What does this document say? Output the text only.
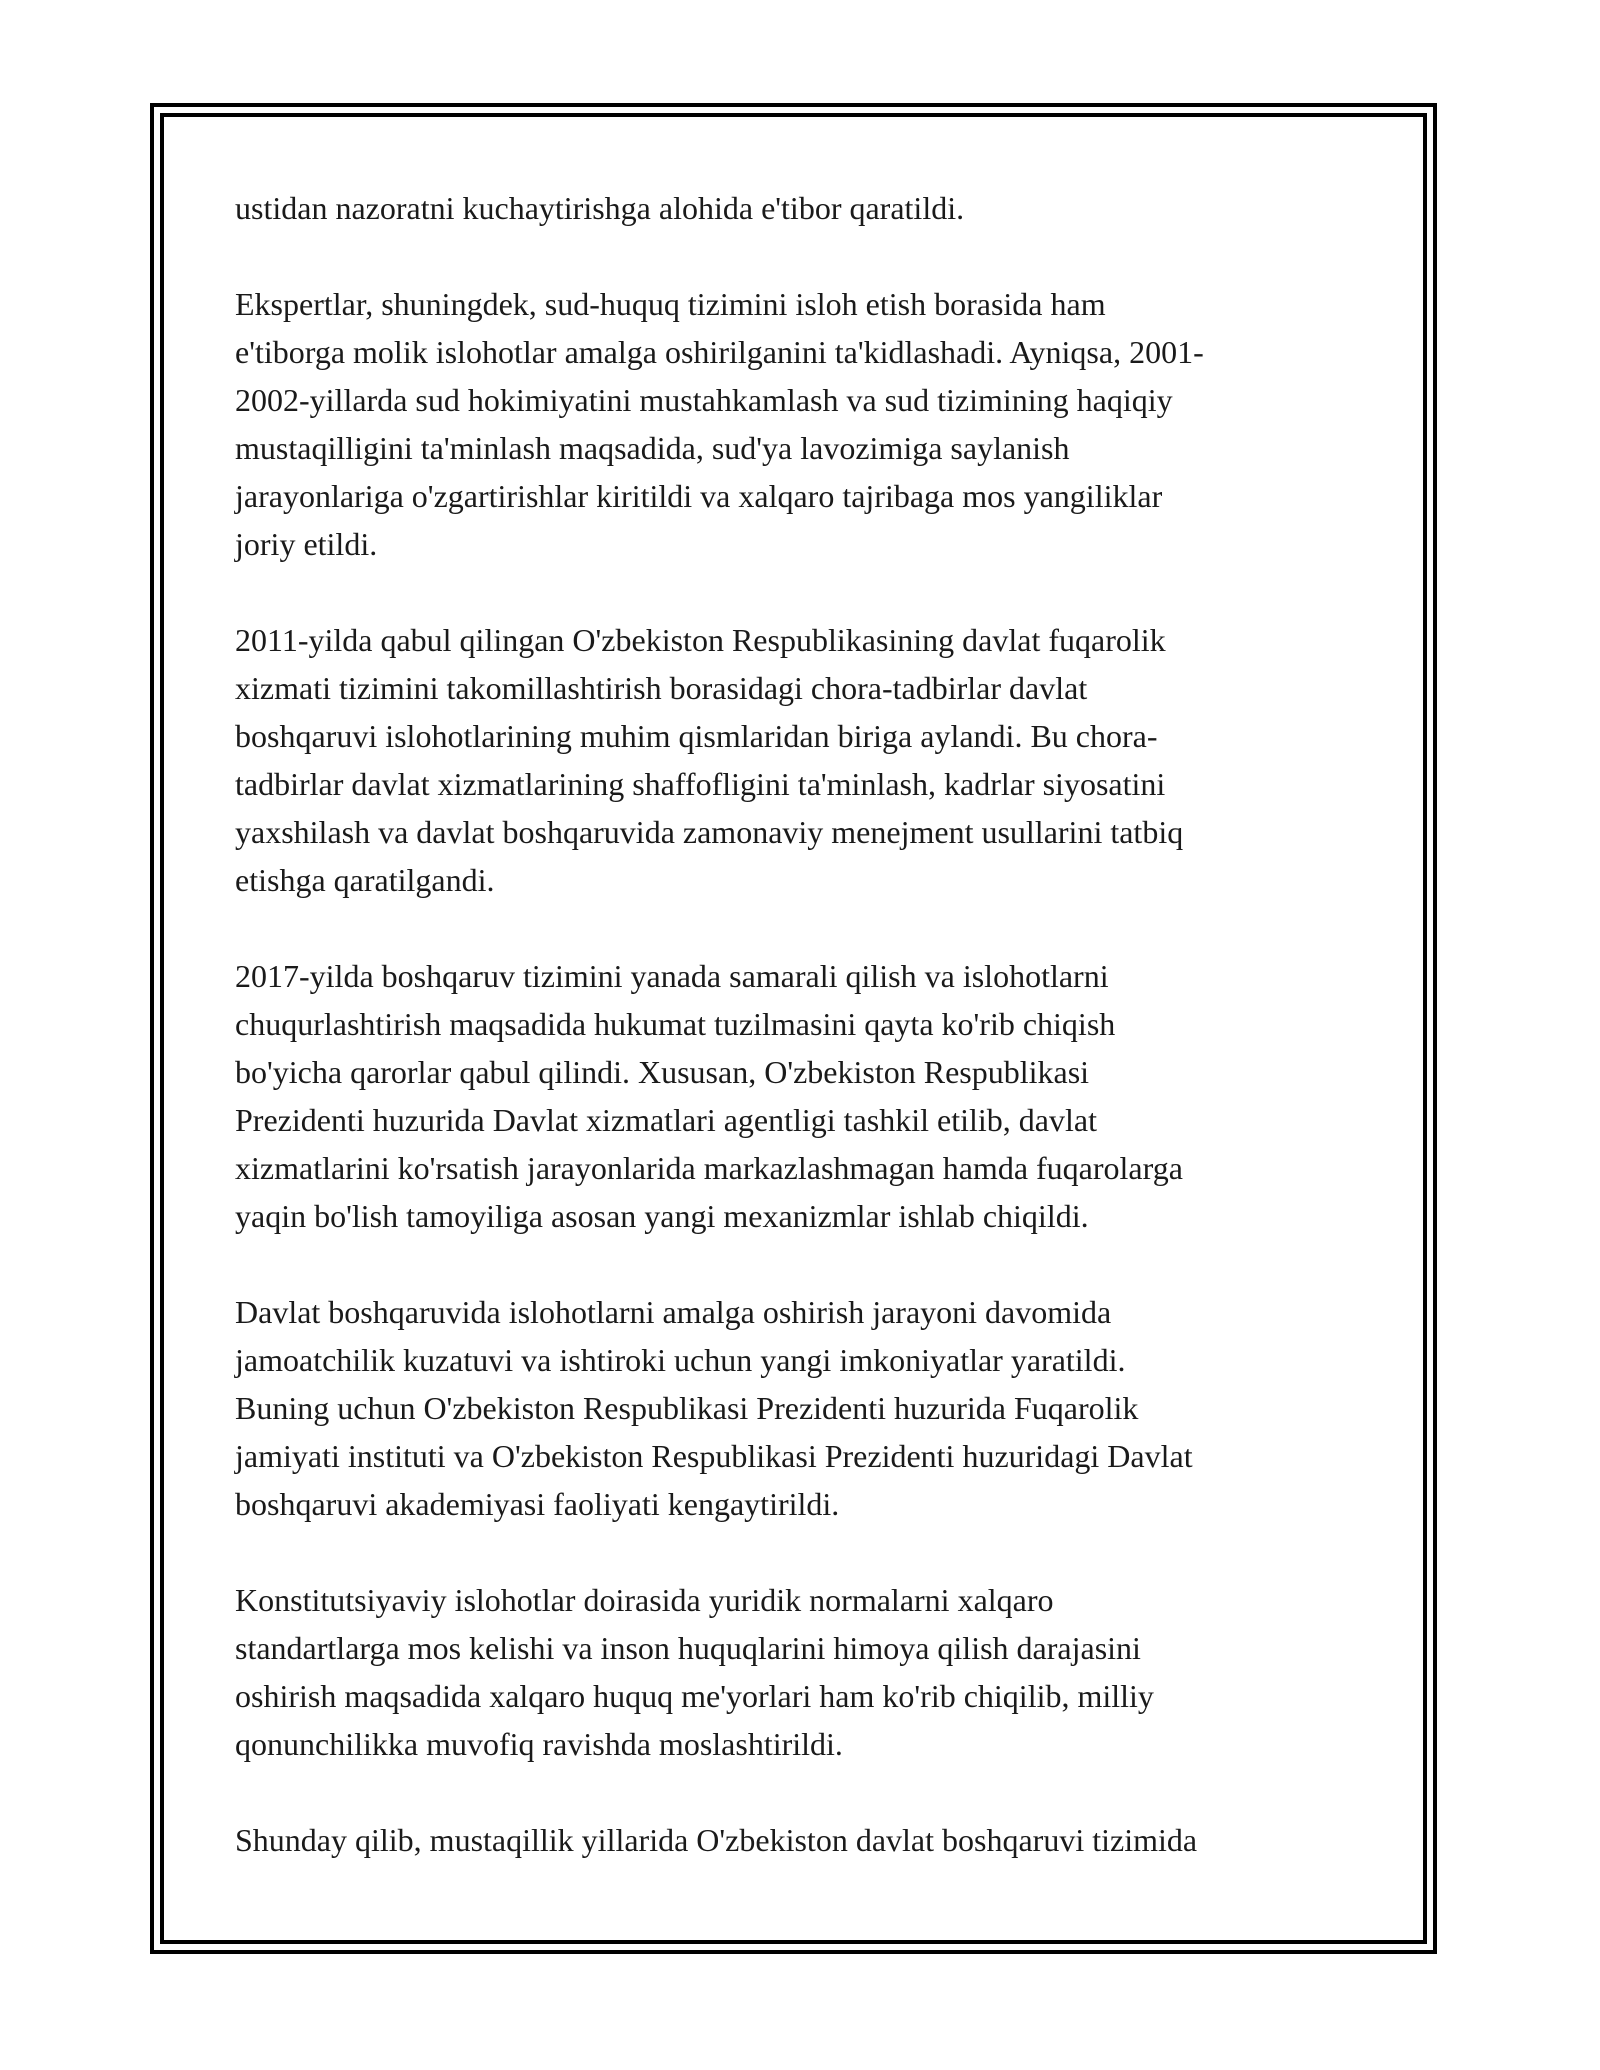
ustidan nazoratni kuchaytirishga alohida e'tibor qaratildi.

Ekspertlar, shuningdek, sud-huquq tizimini isloh etish borasida ham
e'tiborga molik islohotlar amalga oshirilganini ta'kidlashadi. Ayniqsa, 2001-
2002-yillarda sud hokimiyatini mustahkamlash va sud tizimining haqiqiy
mustaqilligini ta'minlash maqsadida, sud'ya lavozimiga saylanish
jarayonlariga o'zgartirishlar kiritildi va xalqaro tajribaga mos yangiliklar
joriy etildi.

2011-yilda qabul qilingan O'zbekiston Respublikasining davlat fuqarolik
xizmati tizimini takomillashtirish borasidagi chora-tadbirlar davlat
boshqaruvi islohotlarining muhim qismlaridan biriga aylandi. Bu chora-
tadbirlar davlat xizmatlarining shaffofligini ta'minlash, kadrlar siyosatini
yaxshilash va davlat boshqaruvida zamonaviy menejment usullarini tatbiq
etishga qaratilgandi.

2017-yilda boshqaruv tizimini yanada samarali qilish va islohotlarni
chuqurlashtirish maqsadida hukumat tuzilmasini qayta ko'rib chiqish
bo'yicha qarorlar qabul qilindi. Xususan, O'zbekiston Respublikasi
Prezidenti huzurida Davlat xizmatlari agentligi tashkil etilib, davlat
xizmatlarini ko'rsatish jarayonlarida markazlashmagan hamda fuqarolarga
yaqin bo'lish tamoyiliga asosan yangi mexanizmlar ishlab chiqildi.

Davlat boshqaruvida islohotlarni amalga oshirish jarayoni davomida
jamoatchilik kuzatuvi va ishtiroki uchun yangi imkoniyatlar yaratildi.
Buning uchun O'zbekiston Respublikasi Prezidenti huzurida Fuqarolik
jamiyati instituti va O'zbekiston Respublikasi Prezidenti huzuridagi Davlat
boshqaruvi akademiyasi faoliyati kengaytirildi.

Konstitutsiyaviy islohotlar doirasida yuridik normalarni xalqaro
standartlarga mos kelishi va inson huquqlarini himoya qilish darajasini
oshirish maqsadida xalqaro huquq me'yorlari ham ko'rib chiqilib, milliy
qonunchilikka muvofiq ravishda moslashtirildi.

Shunday qilib, mustaqillik yillarida O'zbekiston davlat boshqaruvi tizimida
